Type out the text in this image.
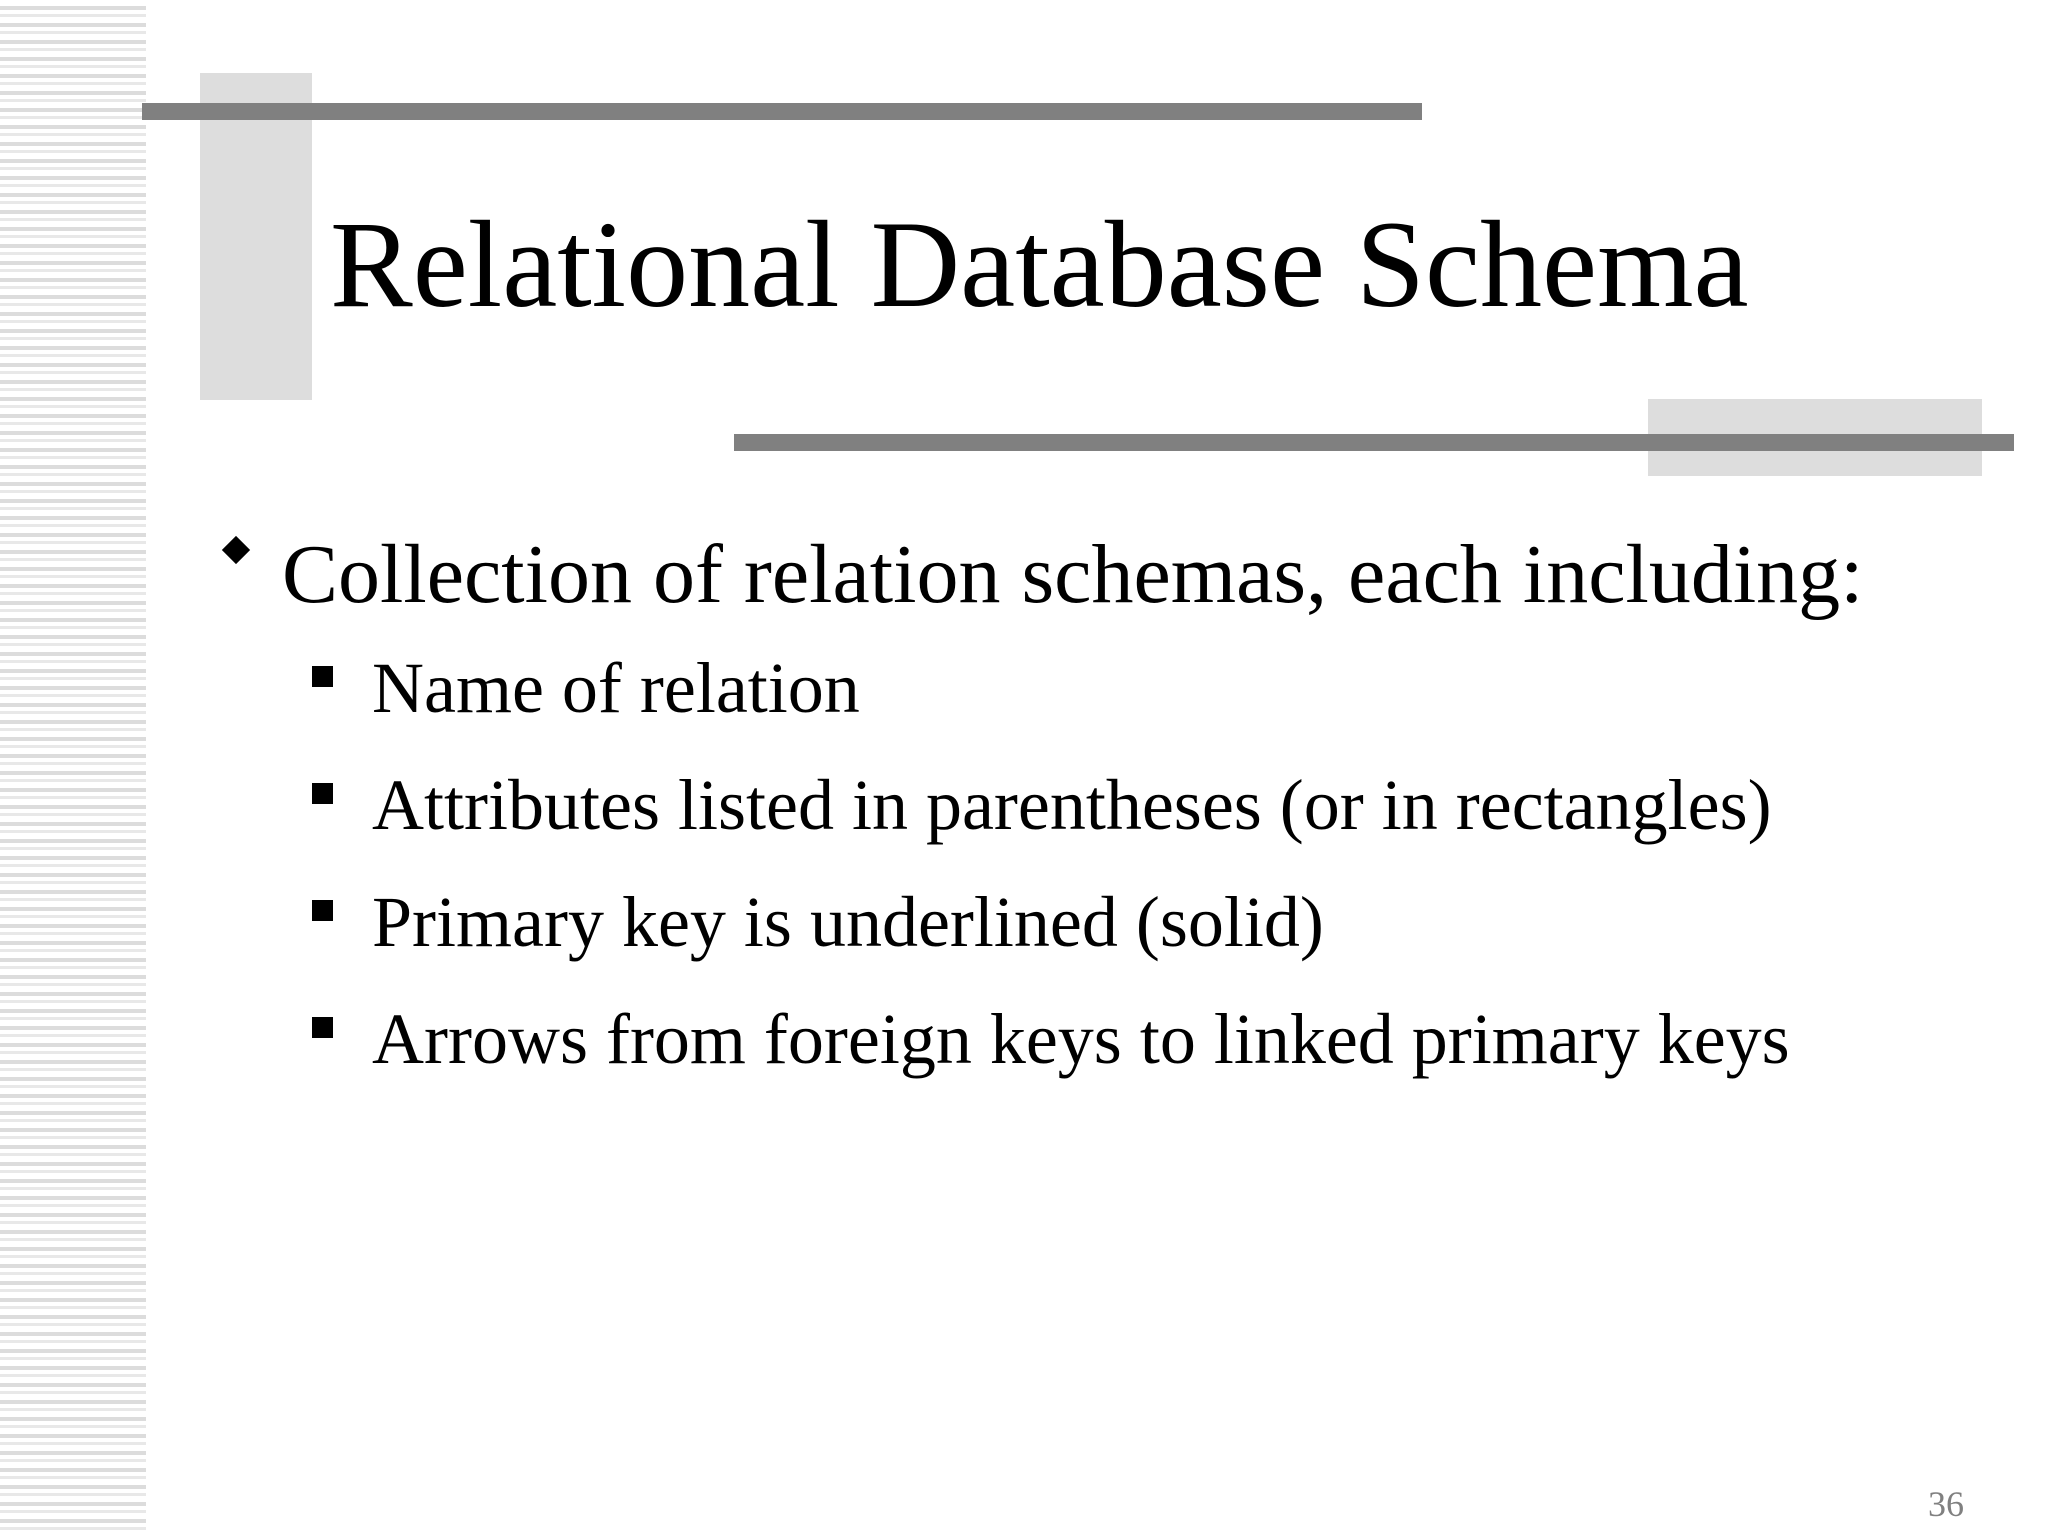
Relational Database Schema
Collection of relation schemas, each including:
Name of relation
Attributes listed in parentheses (or in rectangles)
Primary key is underlined (solid)
Arrows from foreign keys to linked primary keys
36
